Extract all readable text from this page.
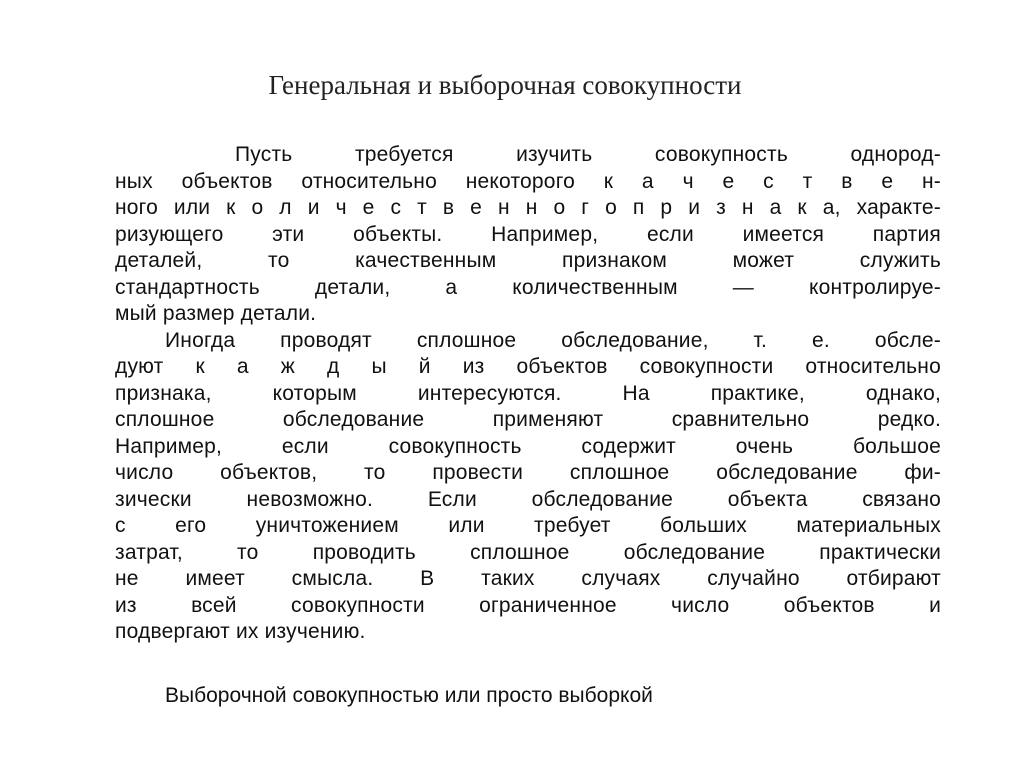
Генеральная и выборочная совокупности
Пусть требуется изучить совокупность однород-
ных объектов относительно некоторого к а ч е с т в е н-
ного или к о л и ч е с т в е н н о г о п р и з н а к а, характе-
ризующего эти объекты. Например, если имеется партия
деталей, то качественным признаком может служить
стандартность детали, а количественным — контролируе-
мый размер детали.
Иногда проводят сплошное обследование, т. е. обсле-
дуют к а ж д ы й из объектов совокупности относительно
признака, которым интересуются. На практике, однако,
сплошное обследование применяют сравнительно редко.
Например, если совокупность содержит очень большое
число объектов, то провести сплошное обследование фи-
зически невозможно. Если обследование объекта связано
с его уничтожением или требует больших материальных
затрат, то проводить сплошное обследование практически
не имеет смысла. В таких случаях случайно отбирают
из всей совокупности ограниченное число объектов и
подвергают их изучению.
Выборочной совокупностью или просто выборкой
